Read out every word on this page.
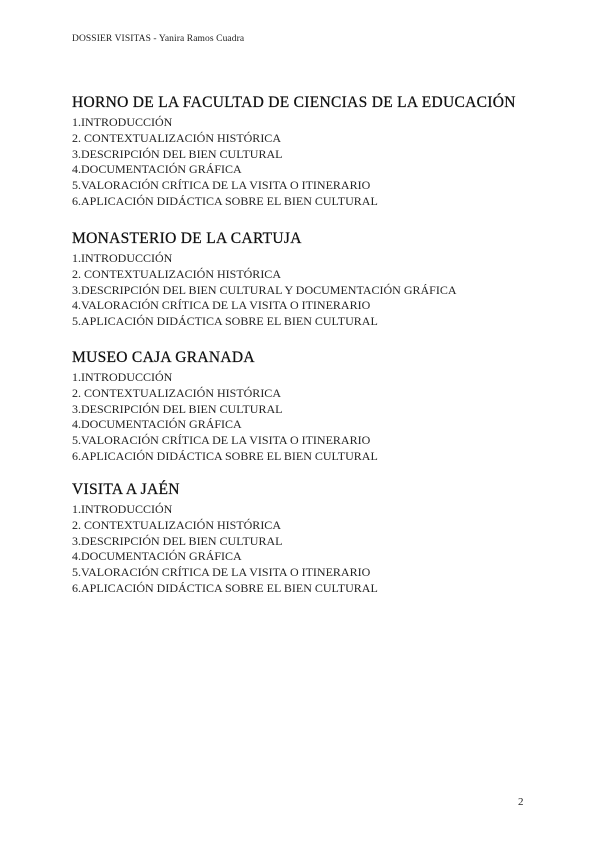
DOSSIER VISITAS - Yanira Ramos Cuadra
HORNO DE LA FACULTAD DE CIENCIAS DE LA EDUCACIÓN
1.INTRODUCCIÓN
2. CONTEXTUALIZACIÓN HISTÓRICA
3.DESCRIPCIÓN DEL BIEN CULTURAL
4.DOCUMENTACIÓN GRÁFICA
5.VALORACIÓN CRÍTICA DE LA VISITA O ITINERARIO
6.APLICACIÓN DIDÁCTICA SOBRE EL BIEN CULTURAL
MONASTERIO DE LA CARTUJA
1.INTRODUCCIÓN
2. CONTEXTUALIZACIÓN HISTÓRICA
3.DESCRIPCIÓN DEL BIEN CULTURAL Y DOCUMENTACIÓN GRÁFICA
4.VALORACIÓN CRÍTICA DE LA VISITA O ITINERARIO
5.APLICACIÓN DIDÁCTICA SOBRE EL BIEN CULTURAL
MUSEO CAJA GRANADA
1.INTRODUCCIÓN
2. CONTEXTUALIZACIÓN HISTÓRICA
3.DESCRIPCIÓN DEL BIEN CULTURAL
4.DOCUMENTACIÓN GRÁFICA
5.VALORACIÓN CRÍTICA DE LA VISITA O ITINERARIO
6.APLICACIÓN DIDÁCTICA SOBRE EL BIEN CULTURAL
VISITA A JAÉN
1.INTRODUCCIÓN
2. CONTEXTUALIZACIÓN HISTÓRICA
3.DESCRIPCIÓN DEL BIEN CULTURAL
4.DOCUMENTACIÓN GRÁFICA
5.VALORACIÓN CRÍTICA DE LA VISITA O ITINERARIO
6.APLICACIÓN DIDÁCTICA SOBRE EL BIEN CULTURAL
2
